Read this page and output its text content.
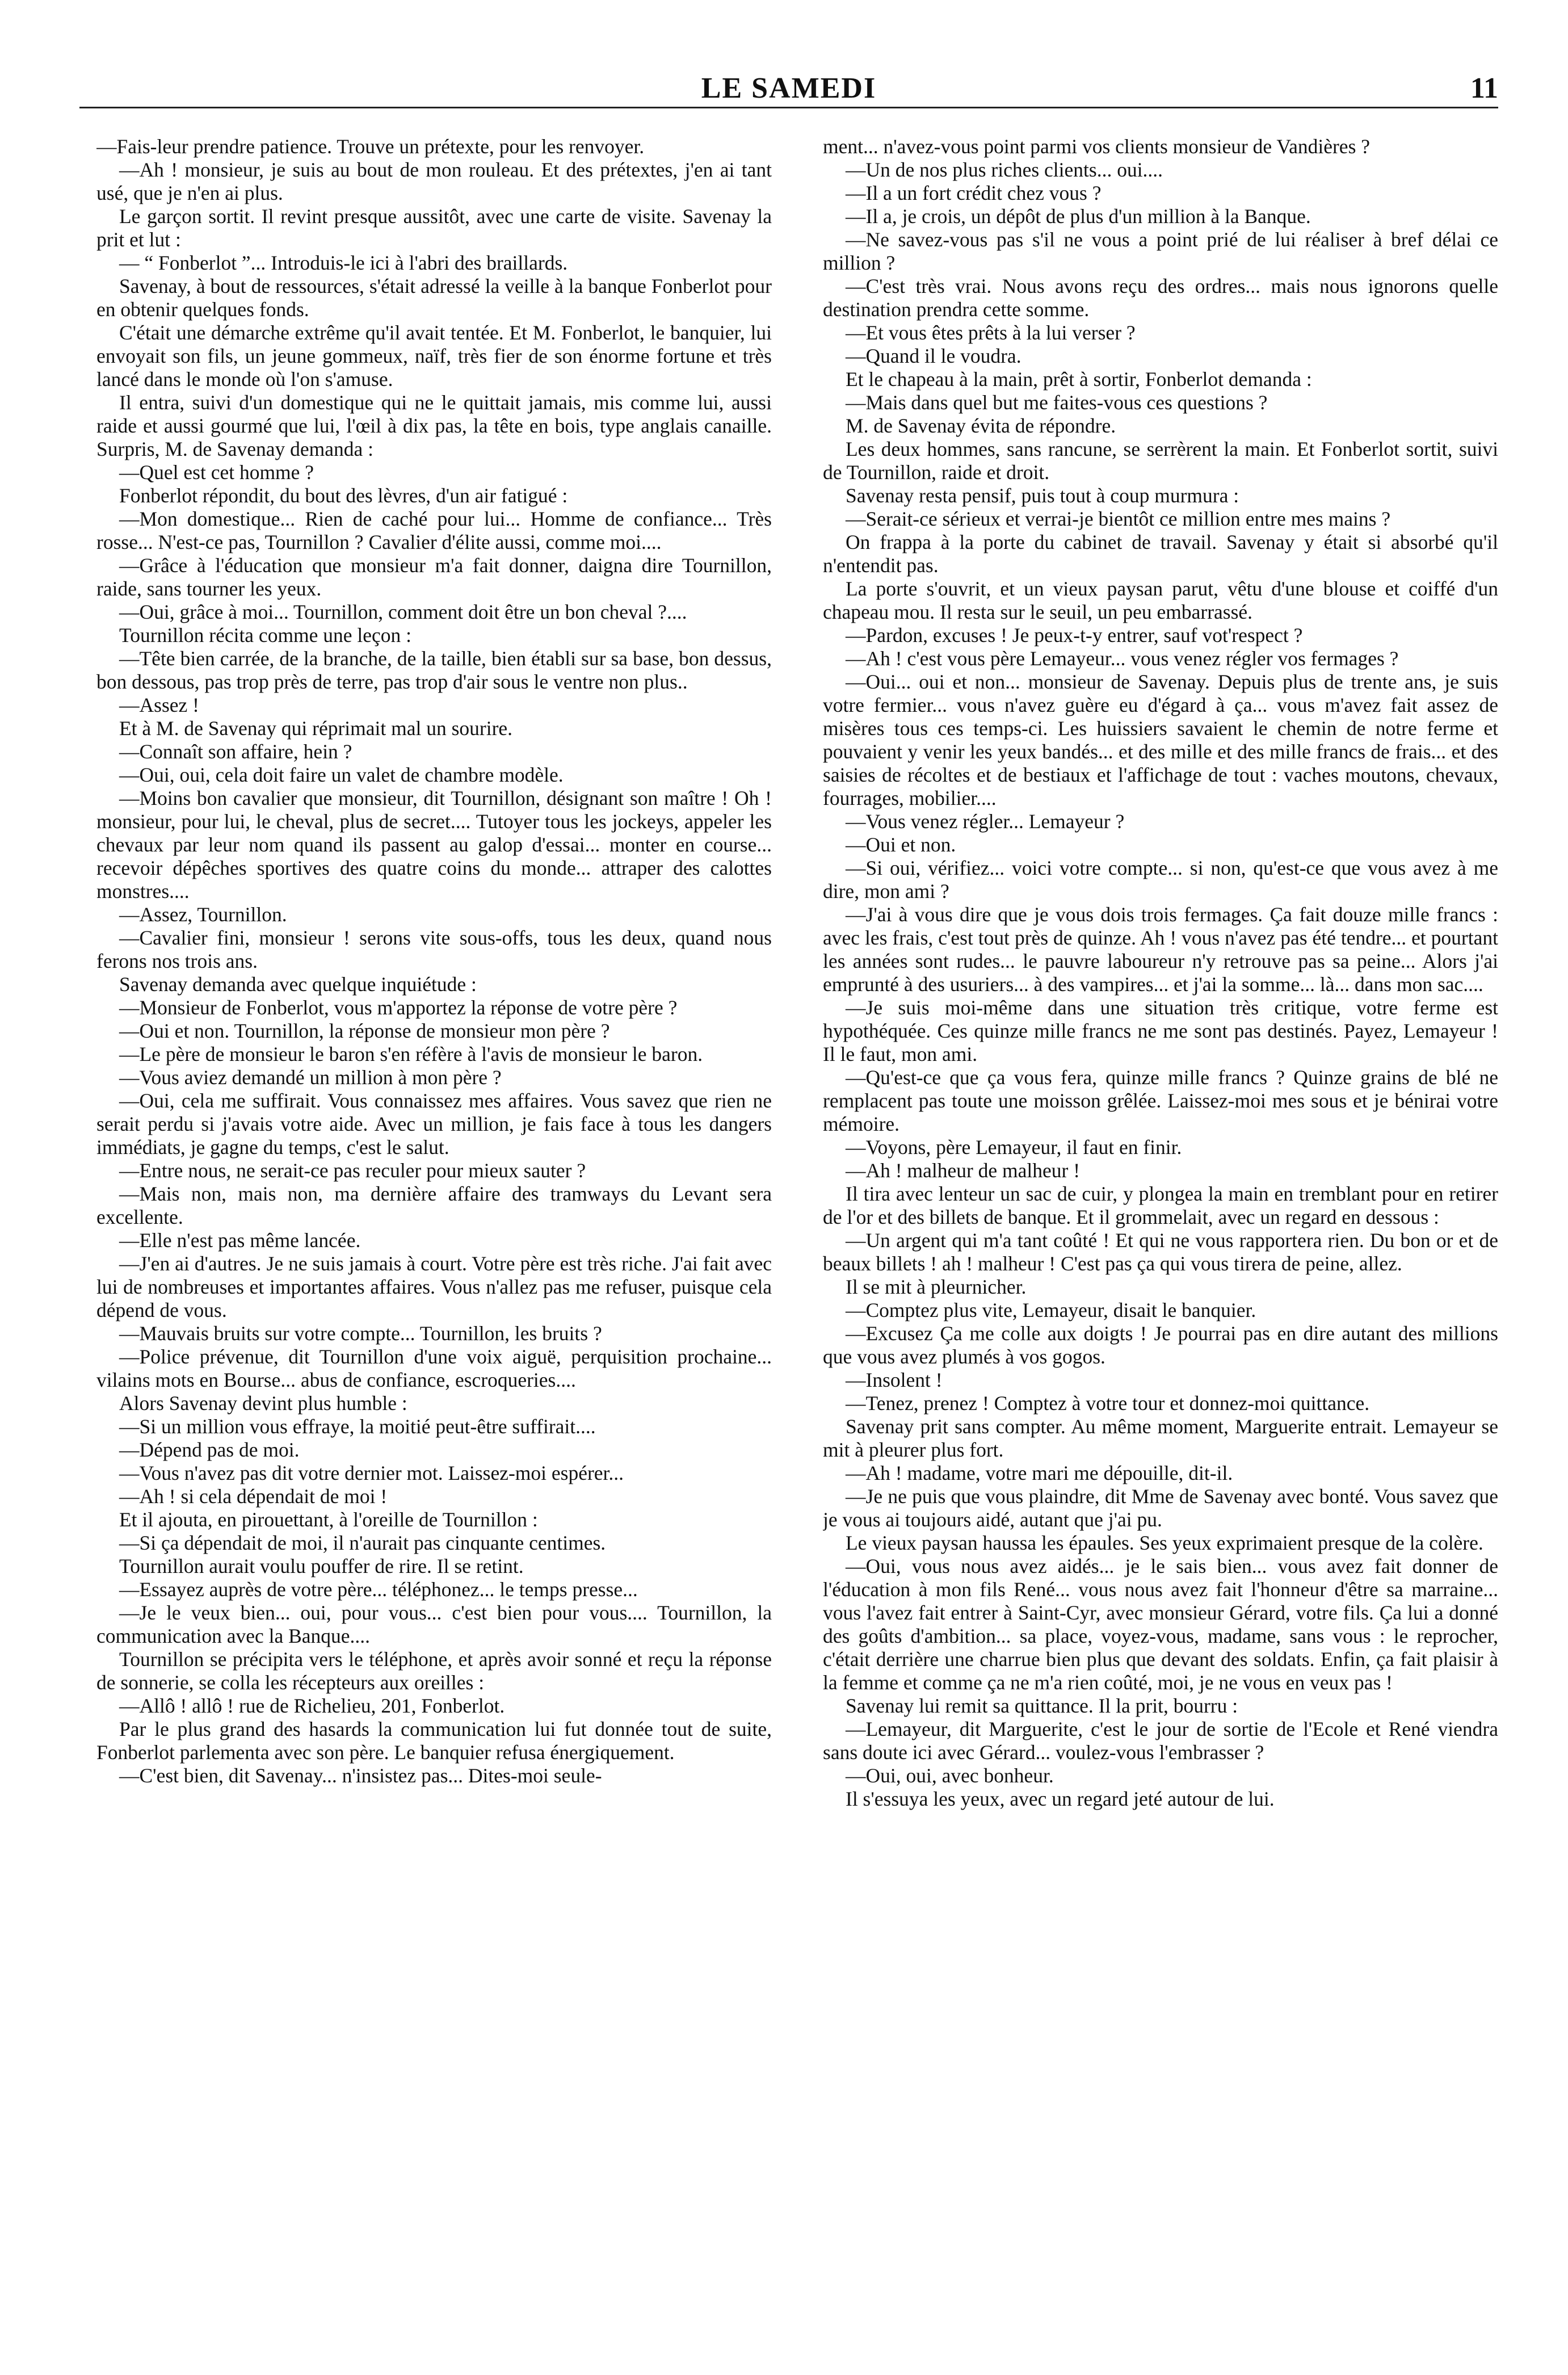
LE SAMEDI	11

—Fais-leur prendre patience. Trouve un prétexte, pour les renvoyer.

—Ah ! monsieur, je suis au bout de mon rouleau. Et des prétextes, j'en ai tant usé, que je n'en ai plus.

Le garçon sortit. Il revint presque aussitôt, avec une carte de visite. Savenay la prit et lut :

— “ Fonberlot ”... Introduis-le ici à l'abri des braillards.

Savenay, à bout de ressources, s'était adressé la veille à la banque Fonberlot pour en obtenir quelques fonds.

C'était une démarche extrême qu'il avait tentée. Et M. Fonberlot, le banquier, lui envoyait son fils, un jeune gommeux, naïf, très fier de son énorme fortune et très lancé dans le monde où l'on s'amuse.

Il entra, suivi d'un domestique qui ne le quittait jamais, mis comme lui, aussi raide et aussi gourmé que lui, l'œil à dix pas, la tête en bois, type anglais canaille. Surpris, M. de Savenay demanda :

—Quel est cet homme ?

Fonberlot répondit, du bout des lèvres, d'un air fatigué :

—Mon domestique... Rien de caché pour lui... Homme de confiance... Très rosse... N'est-ce pas, Tournillon ? Cavalier d'élite aussi, comme moi....

—Grâce à l'éducation que monsieur m'a fait donner, daigna dire Tournillon, raide, sans tourner les yeux.

—Oui, grâce à moi... Tournillon, comment doit être un bon cheval ?....

Tournillon récita comme une leçon :

—Tête bien carrée, de la branche, de la taille, bien établi sur sa base, bon dessus, bon dessous, pas trop près de terre, pas trop d'air sous le ventre non plus..

—Assez !

Et à M. de Savenay qui réprimait mal un sourire.

—Connaît son affaire, hein ?

—Oui, oui, cela doit faire un valet de chambre modèle.

—Moins bon cavalier que monsieur, dit Tournillon, désignant son maître ! Oh ! monsieur, pour lui, le cheval, plus de secret.... Tutoyer tous les jockeys, appeler les chevaux par leur nom quand ils passent au galop d'essai... monter en course... recevoir dépêches sportives des quatre coins du monde... attraper des calottes monstres....

—Assez, Tournillon.

—Cavalier fini, monsieur ! serons vite sous-offs, tous les deux, quand nous ferons nos trois ans.

Savenay demanda avec quelque inquiétude :

—Monsieur de Fonberlot, vous m'apportez la réponse de votre père ?

—Oui et non. Tournillon, la réponse de monsieur mon père ?

—Le père de monsieur le baron s'en réfère à l'avis de monsieur le baron.

—Vous aviez demandé un million à mon père ?

—Oui, cela me suffirait. Vous connaissez mes affaires. Vous savez que rien ne serait perdu si j'avais votre aide. Avec un million, je fais face à tous les dangers immédiats, je gagne du temps, c'est le salut.

—Entre nous, ne serait-ce pas reculer pour mieux sauter ?

—Mais non, mais non, ma dernière affaire des tramways du Levant sera excellente.

—Elle n'est pas même lancée.

—J'en ai d'autres. Je ne suis jamais à court. Votre père est très riche. J'ai fait avec lui de nombreuses et importantes affaires. Vous n'allez pas me refuser, puisque cela dépend de vous.

—Mauvais bruits sur votre compte... Tournillon, les bruits ?

—Police prévenue, dit Tournillon d'une voix aiguë, perquisition prochaine... vilains mots en Bourse... abus de confiance, escroqueries....

Alors Savenay devint plus humble :

—Si un million vous effraye, la moitié peut-être suffirait....

—Dépend pas de moi.

—Vous n'avez pas dit votre dernier mot. Laissez-moi espérer...

—Ah ! si cela dépendait de moi !

Et il ajouta, en pirouettant, à l'oreille de Tournillon :

—Si ça dépendait de moi, il n'aurait pas cinquante centimes.

Tournillon aurait voulu pouffer de rire. Il se retint.

—Essayez auprès de votre père... téléphonez... le temps presse...

—Je le veux bien... oui, pour vous... c'est bien pour vous.... Tournillon, la communication avec la Banque....

Tournillon se précipita vers le téléphone, et après avoir sonné et reçu la réponse de sonnerie, se colla les récepteurs aux oreilles :

—Allô ! allô ! rue de Richelieu, 201, Fonberlot.

Par le plus grand des hasards la communication lui fut donnée tout de suite, Fonberlot parlementa avec son père. Le banquier refusa énergiquement.

—C'est bien, dit Savenay... n'insistez pas... Dites-moi seule-

ment... n'avez-vous point parmi vos clients monsieur de Vandières ?

—Un de nos plus riches clients... oui....

—Il a un fort crédit chez vous ?

—Il a, je crois, un dépôt de plus d'un million à la Banque.

—Ne savez-vous pas s'il ne vous a point prié de lui réaliser à bref délai ce million ?

—C'est très vrai. Nous avons reçu des ordres... mais nous ignorons quelle destination prendra cette somme.

—Et vous êtes prêts à la lui verser ?

—Quand il le voudra.

Et le chapeau à la main, prêt à sortir, Fonberlot demanda :

—Mais dans quel but me faites-vous ces questions ?

M. de Savenay évita de répondre.

Les deux hommes, sans rancune, se serrèrent la main. Et Fonberlot sortit, suivi de Tournillon, raide et droit.

Savenay resta pensif, puis tout à coup murmura :

—Serait-ce sérieux et verrai-je bientôt ce million entre mes mains ?

On frappa à la porte du cabinet de travail. Savenay y était si absorbé qu'il n'entendit pas.

La porte s'ouvrit, et un vieux paysan parut, vêtu d'une blouse et coiffé d'un chapeau mou. Il resta sur le seuil, un peu embarrassé.

—Pardon, excuses ! Je peux-t-y entrer, sauf vot'respect ?

—Ah ! c'est vous père Lemayeur... vous venez régler vos fermages ?

—Oui... oui et non... monsieur de Savenay. Depuis plus de trente ans, je suis votre fermier... vous n'avez guère eu d'égard à ça... vous m'avez fait assez de misères tous ces temps-ci. Les huissiers savaient le chemin de notre ferme et pouvaient y venir les yeux bandés... et des mille et des mille francs de frais... et des saisies de récoltes et de bestiaux et l'affichage de tout : vaches moutons, chevaux, fourrages, mobilier....

—Vous venez régler... Lemayeur ?

—Oui et non.

—Si oui, vérifiez... voici votre compte... si non, qu'est-ce que vous avez à me dire, mon ami ?

—J'ai à vous dire que je vous dois trois fermages. Ça fait douze mille francs : avec les frais, c'est tout près de quinze. Ah ! vous n'avez pas été tendre... et pourtant les années sont rudes... le pauvre laboureur n'y retrouve pas sa peine... Alors j'ai emprunté à des usuriers... à des vampires... et j'ai la somme... là... dans mon sac....

—Je suis moi-même dans une situation très critique, votre ferme est hypothéquée. Ces quinze mille francs ne me sont pas destinés. Payez, Lemayeur ! Il le faut, mon ami.

—Qu'est-ce que ça vous fera, quinze mille francs ? Quinze grains de blé ne remplacent pas toute une moisson grêlée. Laissez-moi mes sous et je bénirai votre mémoire.

—Voyons, père Lemayeur, il faut en finir.

—Ah ! malheur de malheur !

Il tira avec lenteur un sac de cuir, y plongea la main en tremblant pour en retirer de l'or et des billets de banque. Et il grommelait, avec un regard en dessous :

—Un argent qui m'a tant coûté ! Et qui ne vous rapportera rien. Du bon or et de beaux billets ! ah ! malheur ! C'est pas ça qui vous tirera de peine, allez.

Il se mit à pleurnicher.

—Comptez plus vite, Lemayeur, disait le banquier.

—Excusez Ça me colle aux doigts ! Je pourrai pas en dire autant des millions que vous avez plumés à vos gogos.

—Insolent !

—Tenez, prenez ! Comptez à votre tour et donnez-moi quittance.

Savenay prit sans compter. Au même moment, Marguerite entrait. Lemayeur se mit à pleurer plus fort.

—Ah ! madame, votre mari me dépouille, dit-il.

—Je ne puis que vous plaindre, dit Mme de Savenay avec bonté. Vous savez que je vous ai toujours aidé, autant que j'ai pu.

Le vieux paysan haussa les épaules. Ses yeux exprimaient presque de la colère.

—Oui, vous nous avez aidés... je le sais bien... vous avez fait donner de l'éducation à mon fils René... vous nous avez fait l'honneur d'être sa marraine... vous l'avez fait entrer à Saint-Cyr, avec monsieur Gérard, votre fils. Ça lui a donné des goûts d'ambition... sa place, voyez-vous, madame, sans vous : le reprocher, c'était derrière une charrue bien plus que devant des soldats. Enfin, ça fait plaisir à la femme et comme ça ne m'a rien coûté, moi, je ne vous en veux pas !

Savenay lui remit sa quittance. Il la prit, bourru :

—Lemayeur, dit Marguerite, c'est le jour de sortie de l'Ecole et René viendra sans doute ici avec Gérard... voulez-vous l'embrasser ?

—Oui, oui, avec bonheur.

Il s'essuya les yeux, avec un regard jeté autour de lui.
